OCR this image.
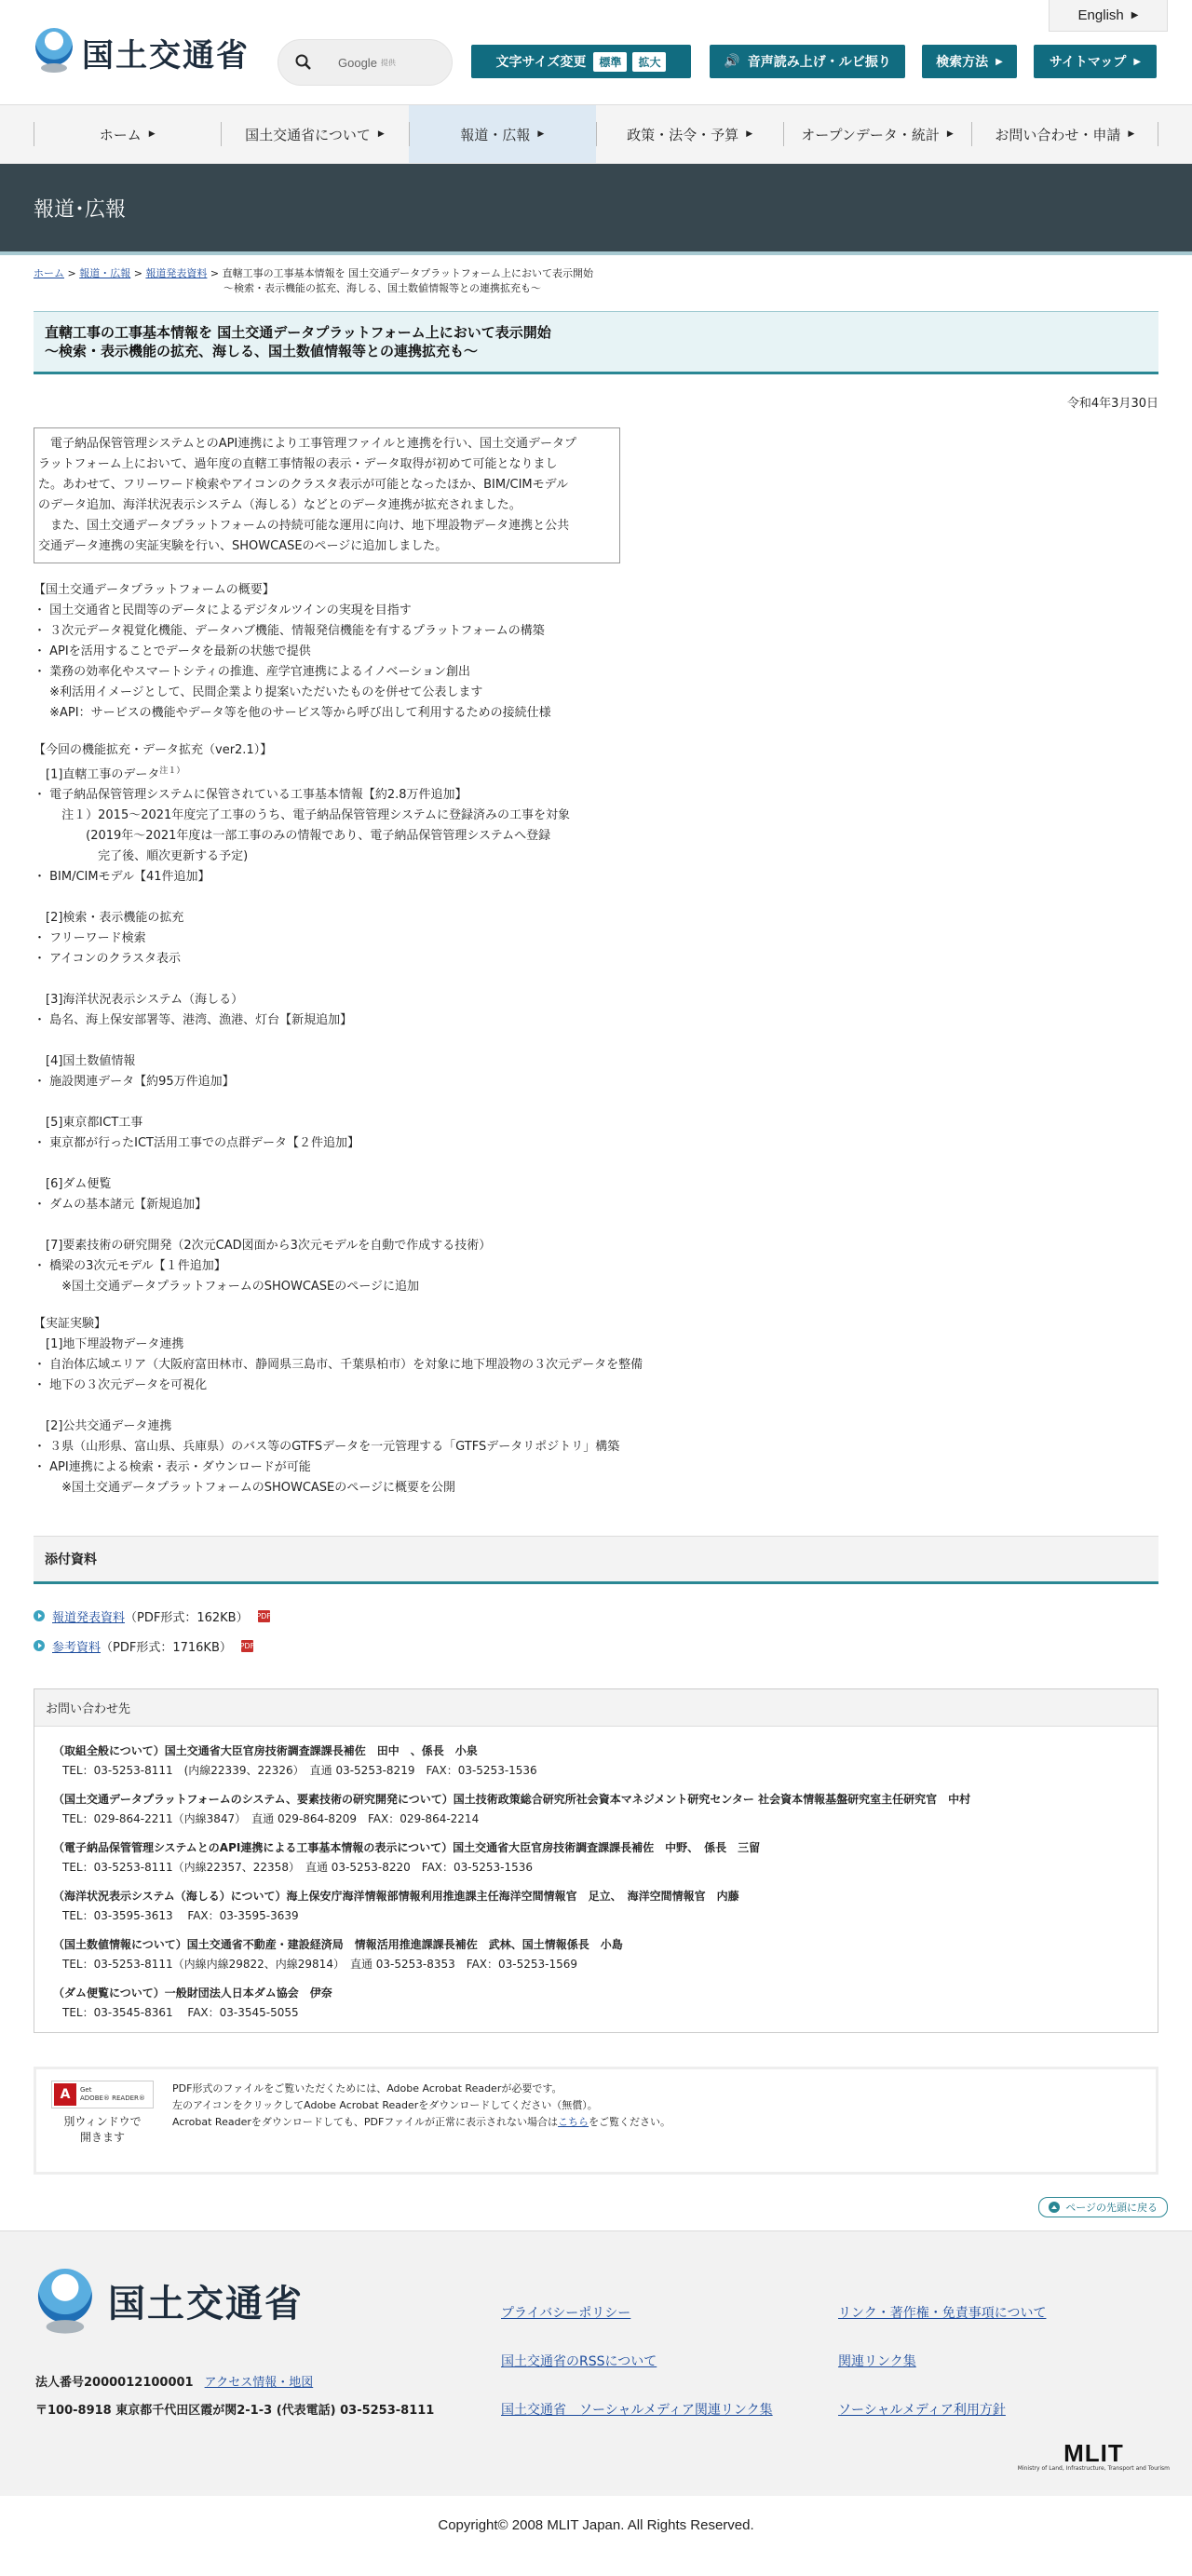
国土交通省
English ▶
Google 提供	文字サイズ変更	標準	拡大	🔊 音声読み上げ・ルビ振り	検索方法 ▶	サイトマップ ▶
ホーム ▶	国土交通省について ▶	報道・広報 ▶	政策・法令・予算 ▶	オープンデータ・統計 ▶	お問い合わせ・申請 ▶
報道･広報
ホーム > 報道・広報 > 報道発表資料 > 直轄工事の工事基本情報を 国土交通データプラットフォーム上において表示開始
～検索・表示機能の拡充、海しる、国土数値情報等との連携拡充も～
直轄工事の工事基本情報を 国土交通データプラットフォーム上において表示開始
～検索・表示機能の拡充、海しる、国土数値情報等との連携拡充も～
令和4年3月30日
　電子納品保管管理システムとのAPI連携により工事管理ファイルと連携を行い、国土交通データプ
ラットフォーム上において、過年度の直轄工事情報の表示・データ取得が初めて可能となりまし
た。あわせて、フリーワード検索やアイコンのクラスタ表示が可能となったほか、BIM/CIMモデル
のデータ追加、海洋状況表示システム（海しる）などとのデータ連携が拡充されました。
　また、国土交通データプラットフォームの持続可能な運用に向け、地下埋設物データ連携と公共
交通データ連携の実証実験を行い、SHOWCASEのページに追加しました。
【国土交通データプラットフォームの概要】
・ 国土交通省と民間等のデータによるデジタルツインの実現を目指す
・ ３次元データ視覚化機能、データハブ機能、情報発信機能を有するプラットフォームの構築
・ APIを活用することでデータを最新の状態で提供
・ 業務の効率化やスマートシティの推進、産学官連携によるイノベーション創出
　 ※利活用イメージとして、民間企業より提案いただいたものを併せて公表します
　 ※API：サービスの機能やデータ等を他のサービス等から呼び出して利用するための接続仕様
【今回の機能拡充・データ拡充（ver2.1）】
　[1]直轄工事のデータ$^{注1)}$
・ 電子納品保管管理システムに保管されている工事基本情報【約2.8万件追加】
　　 注１）2015～2021年度完了工事のうち、電子納品保管管理システムに登録済みの工事を対象
　　　　 (2019年～2021年度は一部工事のみの情報であり、電子納品保管管理システムへ登録
　　　　　 完了後、順次更新する予定)
・ BIM/CIMモデル【41件追加】

　[2]検索・表示機能の拡充
・ フリーワード検索
・ アイコンのクラスタ表示

　[3]海洋状況表示システム（海しる）
・ 島名、海上保安部署等、港湾、漁港、灯台【新規追加】

　[4]国土数値情報
・ 施設関連データ【約95万件追加】

　[5]東京都ICT工事
・ 東京都が行ったICT活用工事での点群データ【２件追加】

　[6]ダム便覧
・ ダムの基本諸元【新規追加】

　[7]要素技術の研究開発（2次元CAD図面から3次元モデルを自動で作成する技術）
・ 橋梁の3次元モデル【１件追加】
　　 ※国土交通データプラットフォームのSHOWCASEのページに追加
【実証実験】
　[1]地下埋設物データ連携
・ 自治体広域エリア（大阪府富田林市、静岡県三島市、千葉県柏市）を対象に地下埋設物の３次元データを整備
・ 地下の３次元データを可視化

　[2]公共交通データ連携
・ ３県（山形県、富山県、兵庫県）のバス等のGTFSデータを一元管理する「GTFSデータリポジトリ」構築
・ API連携による検索・表示・ダウンロードが可能
　　 ※国土交通データプラットフォームのSHOWCASEのページに概要を公開
添付資料
報道発表資料 （PDF形式：162KB） PDF
参考資料 （PDF形式：1716KB） PDF
お問い合わせ先
（取組全般について）国土交通省大臣官房技術調査課課長補佐　田中　、係長　小泉
TEL：03-5253-8111　(内線22339、22326）　直通 03-5253-8219　FAX：03-5253-1536
（国土交通データプラットフォームのシステム、要素技術の研究開発について）国土技術政策総合研究所社会資本マネジメント研究センター 社会資本情報基盤研究室主任研究官　中村
TEL：029-864-2211（内線3847）　直通 029-864-8209　FAX：029-864-2214
（電子納品保管管理システムとのAPI連携による工事基本情報の表示について）国土交通省大臣官房技術調査課課長補佐　中野、　係長　三留
TEL：03-5253-8111（内線22357、22358）　直通 03-5253-8220　FAX：03-5253-1536
（海洋状況表示システム（海しる）について）海上保安庁海洋情報部情報利用推進課主任海洋空間情報官　足立、　海洋空間情報官　内藤
TEL：03-3595-3613　 FAX：03-3595-3639
（国土数値情報について）国土交通省不動産・建設経済局　情報活用推進課課長補佐　武林、国土情報係長　小島
TEL：03-5253-8111（内線内線29822、内線29814）　直通 03-5253-8353　FAX：03-5253-1569
（ダム便覧について）一般財団法人日本ダム協会　伊奈
TEL：03-3545-8361　 FAX：03-3545-5055
A	Get
ADOBE® READER®
別ウィンドウで
開きます
PDF形式のファイルをご覧いただくためには、Adobe Acrobat Readerが必要です。
左のアイコンをクリックしてAdobe Acrobat Readerをダウンロードしてください（無償）。
Acrobat Readerをダウンロードしても、PDFファイルが正常に表示されない場合はこちらをご覧ください。
ページの先頭に戻る
国土交通省
法人番号2000012100001 アクセス情報・地図
〒100-8918 東京都千代田区霞が関2-1-3 (代表電話) 03-5253-8111
プライバシーポリシー
国土交通省のRSSについて
国土交通省　ソーシャルメディア関連リンク集
リンク・著作権・免責事項について
関連リンク集
ソーシャルメディア利用方針
MLIT
Ministry of Land, Infrastructure, Transport and Tourism
Copyright© 2008 MLIT Japan. All Rights Reserved.
